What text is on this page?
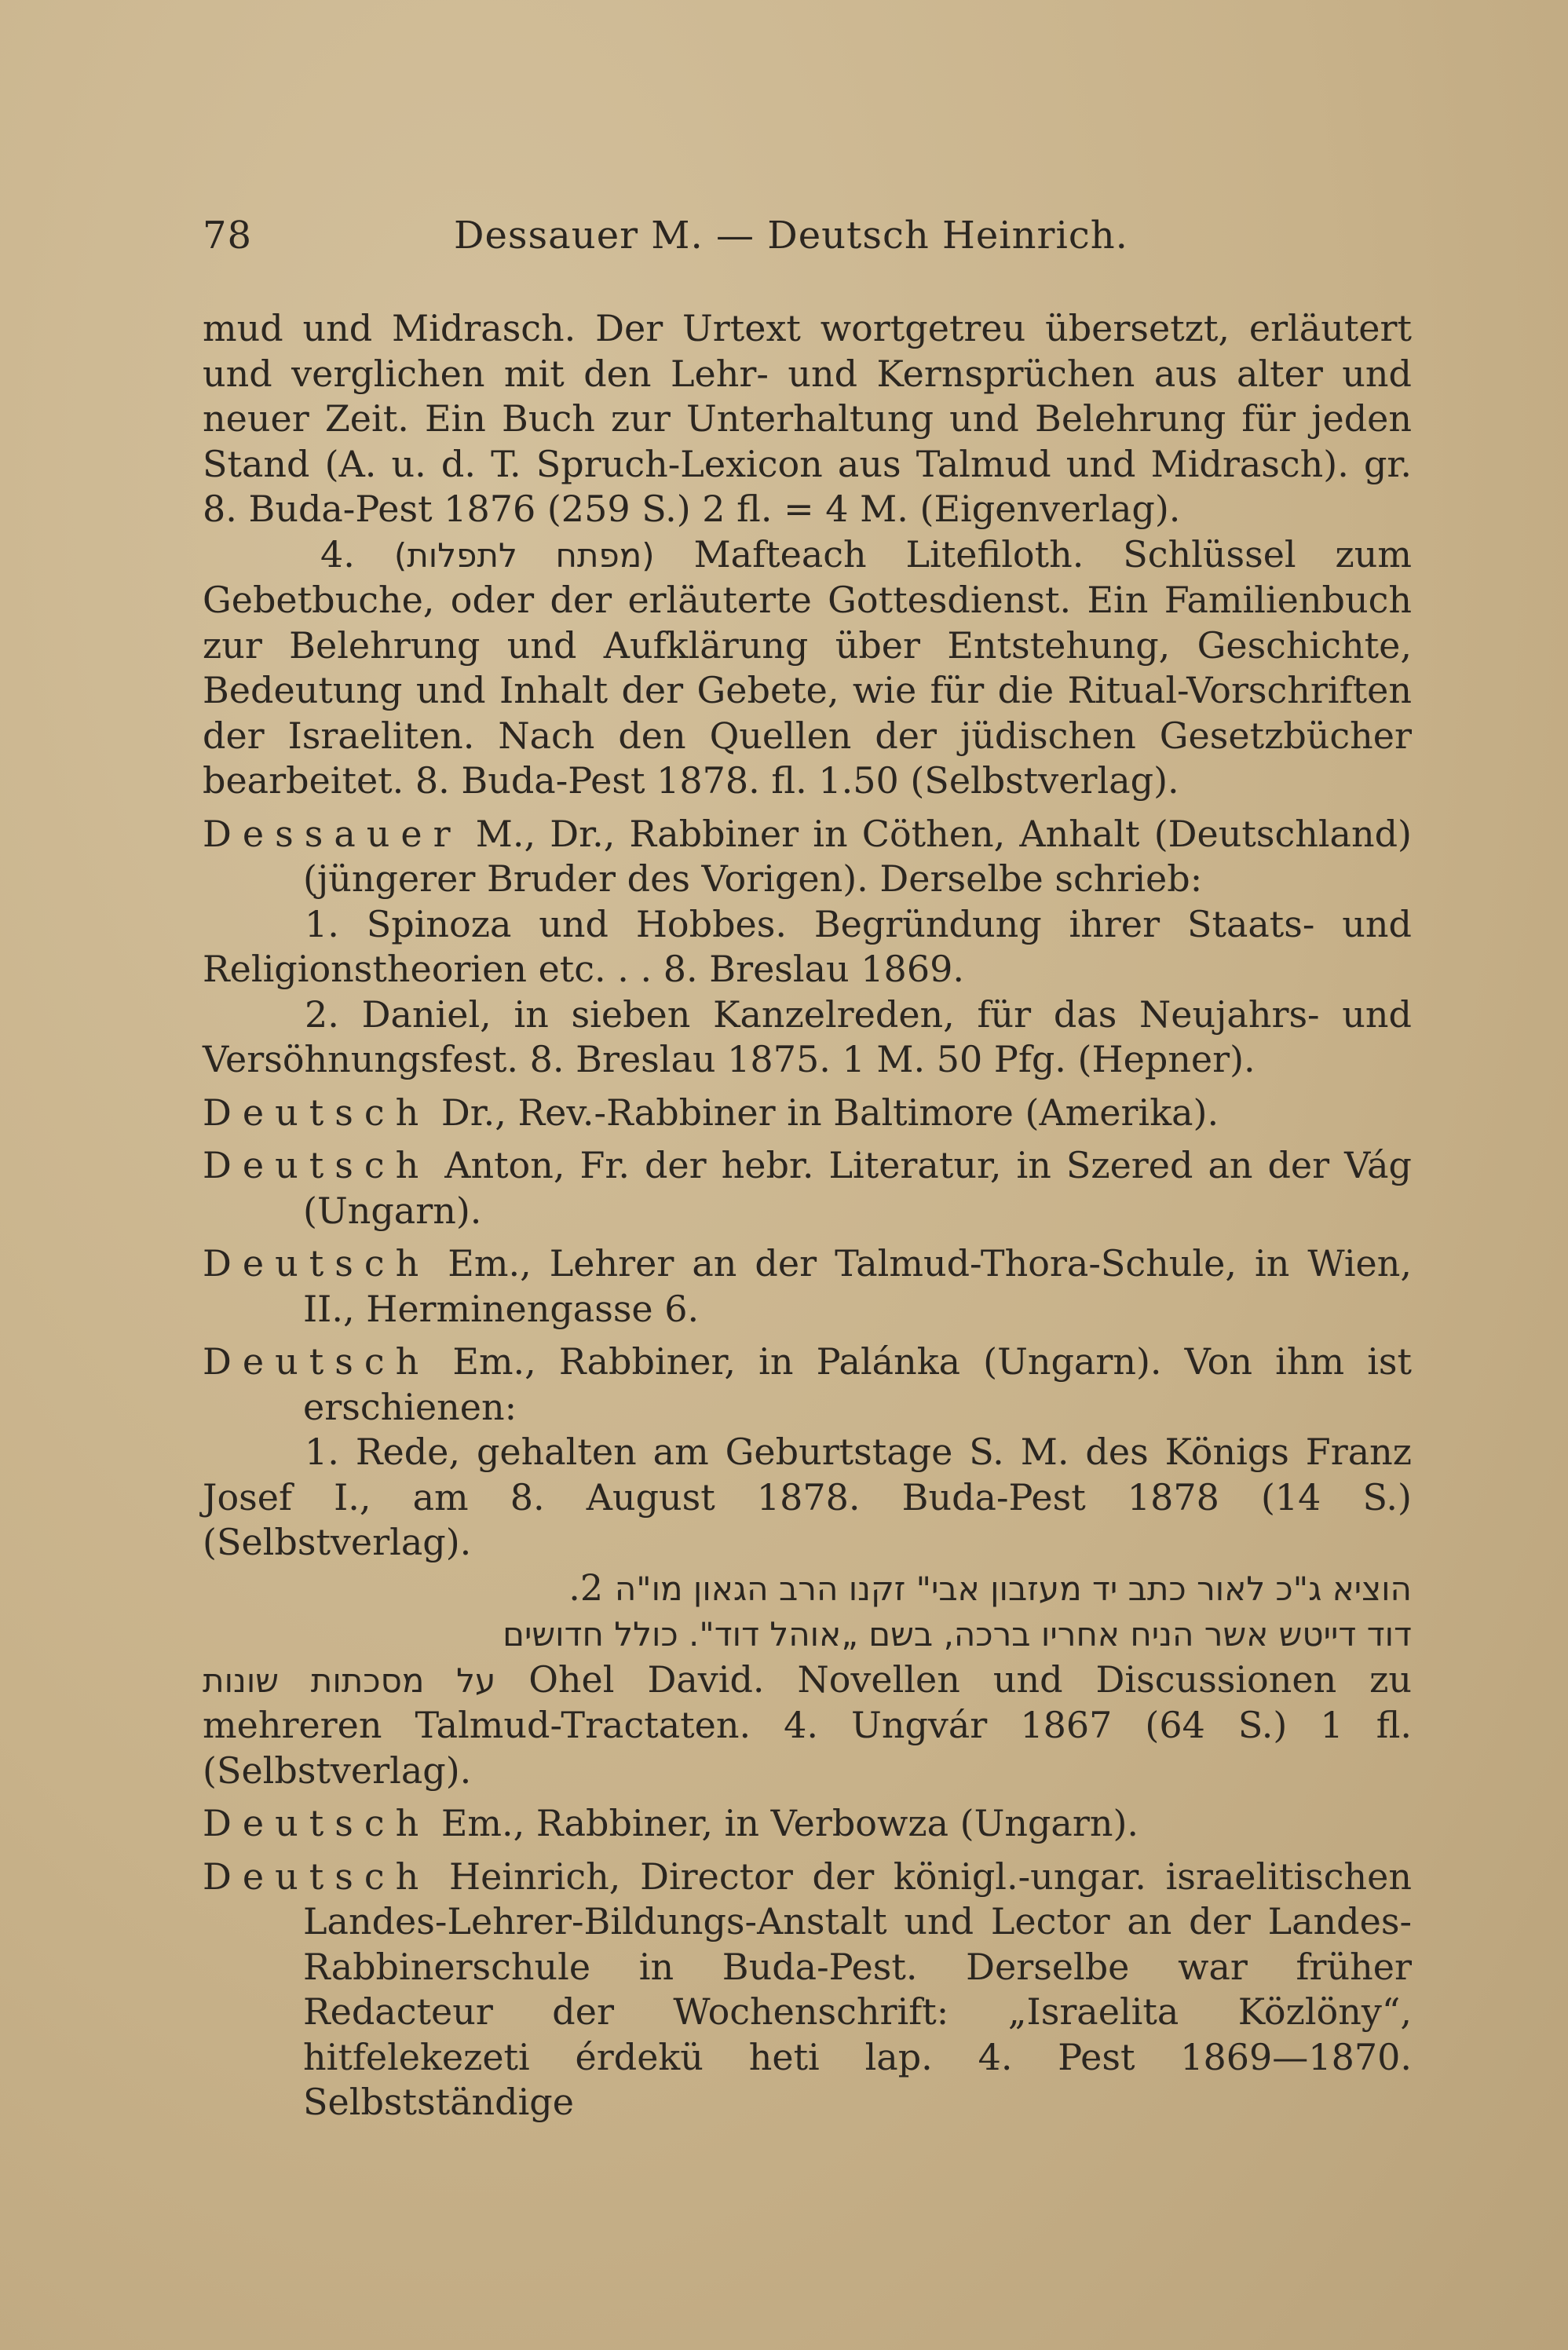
78	Dessauer M. — Deutsch Heinrich.

mud und Midrasch. Der Urtext wortgetreu übersetzt, erläutert und verglichen mit den Lehr- und Kernsprüchen aus alter und neuer Zeit. Ein Buch zur Unterhaltung und Belehrung für jeden Stand (A. u. d. T. Spruch-Lexicon aus Talmud und Midrasch). gr. 8. Buda-Pest 1876 (259 S.) 2 fl. = 4 M. (Eigenverlag).

4. (מפתח לתפלות) Mafteach Litefiloth. Schlüssel zum Gebetbuche, oder der erläuterte Gottesdienst. Ein Familienbuch zur Belehrung und Aufklärung über Entstehung, Geschichte, Bedeutung und Inhalt der Gebete, wie für die Ritual-Vorschriften der Israeliten. Nach den Quellen der jüdischen Gesetzbücher bearbeitet. 8. Buda-Pest 1878. fl. 1.50 (Selbstverlag).

Dessauer M., Dr., Rabbiner in Cöthen, Anhalt (Deutschland) (jüngerer Bruder des Vorigen). Derselbe schrieb:

1. Spinoza und Hobbes. Begründung ihrer Staats- und Religionstheorien etc. . . 8. Breslau 1869.

2. Daniel, in sieben Kanzelreden, für das Neujahrs- und Versöhnungsfest. 8. Breslau 1875. 1 M. 50 Pfg. (Hepner).

Deutsch Dr., Rev.-Rabbiner in Baltimore (Amerika).

Deutsch Anton, Fr. der hebr. Literatur, in Szered an der Vág (Ungarn).

Deutsch Em., Lehrer an der Talmud-Thora-Schule, in Wien, II., Herminengasse 6.

Deutsch Em., Rabbiner, in Palánka (Ungarn). Von ihm ist erschienen:

1. Rede, gehalten am Geburtstage S. M. des Königs Franz Josef I., am 8. August 1878. Buda-Pest 1878 (14 S.) (Selbstverlag).

הוציא ג"כ לאור כתב יד מעזבון אבי" זקנו הרב הגאון מו"ה 2.
דוד דייטש אשר הניח אחריו ברכה, בשם „אוהל דוד". כולל חדושים

על מסכתות שונות Ohel David. Novellen und Discussionen zu mehreren Talmud-Tractaten. 4. Ungvár 1867 (64 S.) 1 fl. (Selbstverlag).

Deutsch Em., Rabbiner, in Verbowza (Ungarn).

Deutsch Heinrich, Director der königl.-ungar. israelitischen Landes-Lehrer-Bildungs-Anstalt und Lector an der Landes-Rabbinerschule in Buda-Pest. Derselbe war früher Redacteur der Wochenschrift: „Israelita Közlöny“, hitfelekezeti érdekü heti lap. 4. Pest 1869—1870. Selbstständige
